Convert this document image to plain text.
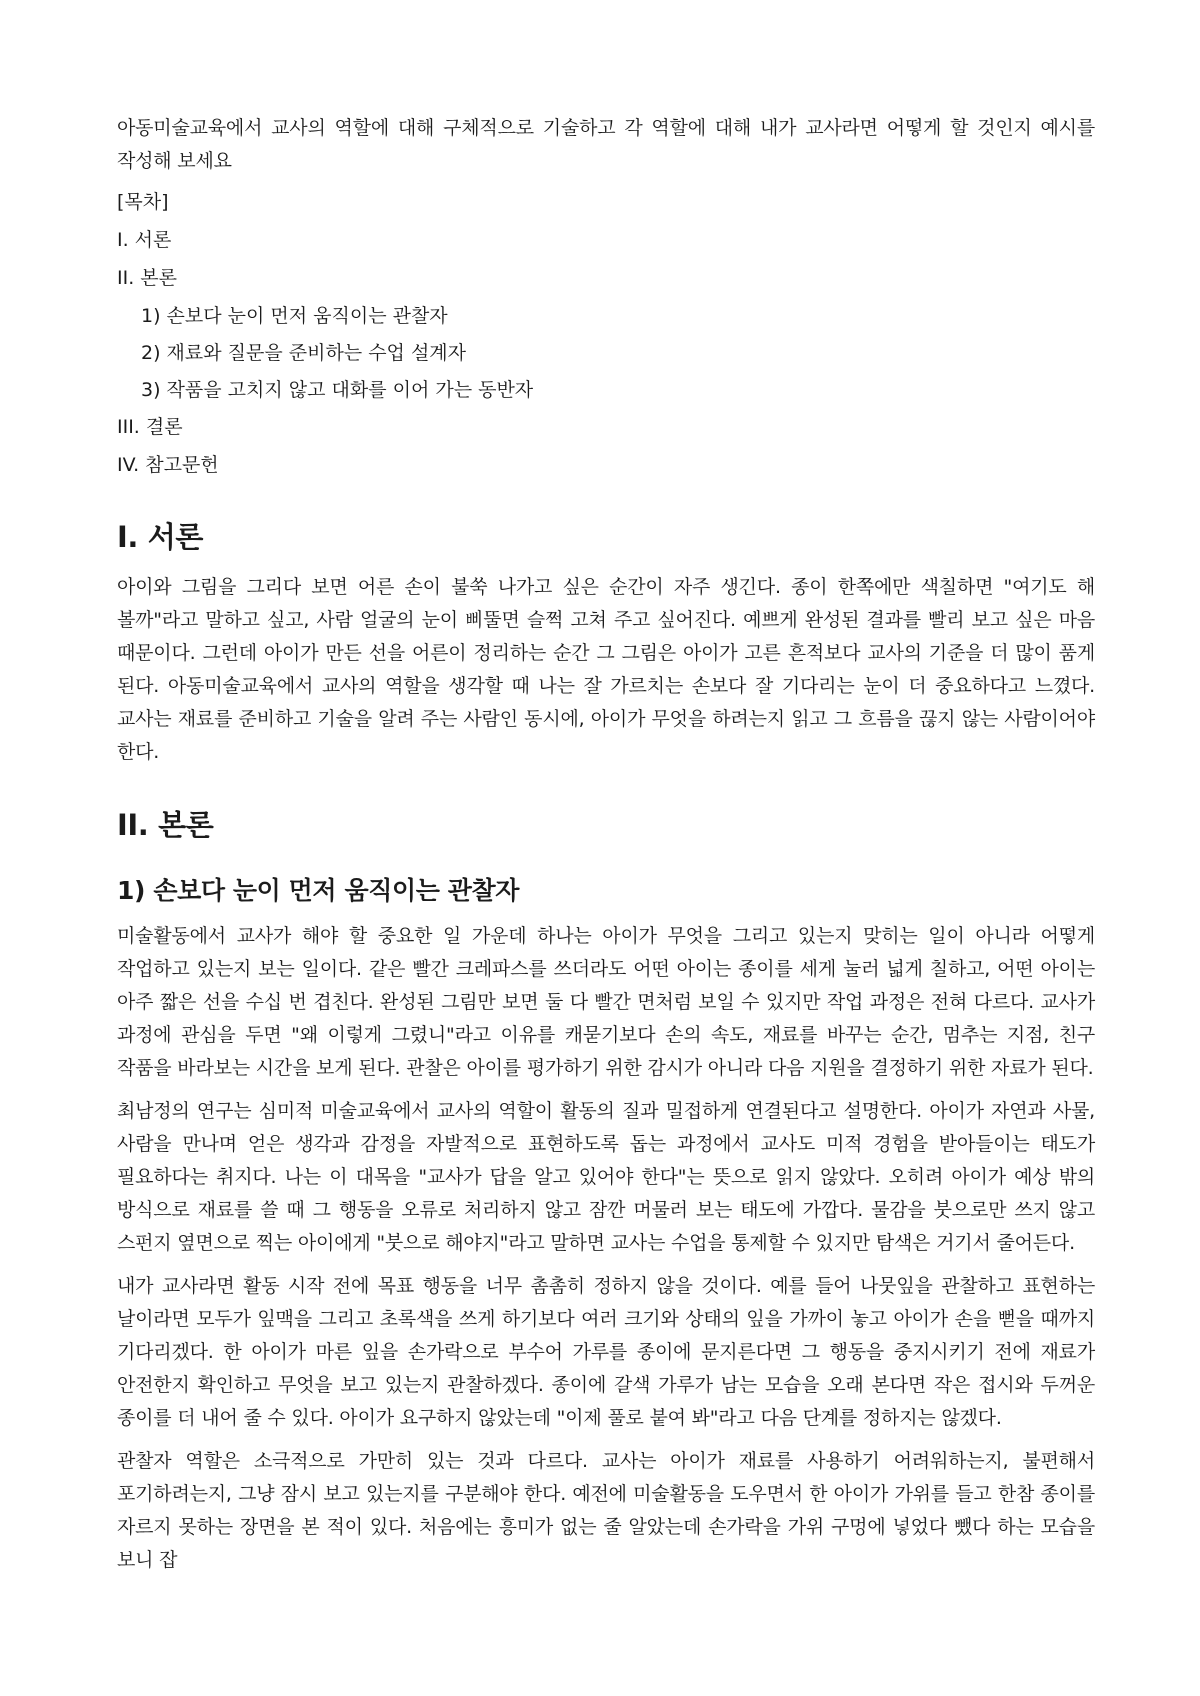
아동미술교육에서 교사의 역할에 대해 구체적으로 기술하고 각 역할에 대해 내가 교사라면 어떻게 할 것인지 예시를 작성해 보세요

[목차]
I. 서론
II. 본론
1) 손보다 눈이 먼저 움직이는 관찰자
2) 재료와 질문을 준비하는 수업 설계자
3) 작품을 고치지 않고 대화를 이어 가는 동반자
III. 결론
IV. 참고문헌
I. 서론

아이와 그림을 그리다 보면 어른 손이 불쑥 나가고 싶은 순간이 자주 생긴다. 종이 한쪽에만 색칠하면 "여기도 해 볼까"라고 말하고 싶고, 사람 얼굴의 눈이 삐뚤면 슬쩍 고쳐 주고 싶어진다. 예쁘게 완성된 결과를 빨리 보고 싶은 마음 때문이다. 그런데 아이가 만든 선을 어른이 정리하는 순간 그 그림은 아이가 고른 흔적보다 교사의 기준을 더 많이 품게 된다. 아동미술교육에서 교사의 역할을 생각할 때 나는 잘 가르치는 손보다 잘 기다리는 눈이 더 중요하다고 느꼈다. 교사는 재료를 준비하고 기술을 알려 주는 사람인 동시에, 아이가 무엇을 하려는지 읽고 그 흐름을 끊지 않는 사람이어야 한다.

II. 본론
1) 손보다 눈이 먼저 움직이는 관찰자

미술활동에서 교사가 해야 할 중요한 일 가운데 하나는 아이가 무엇을 그리고 있는지 맞히는 일이 아니라 어떻게 작업하고 있는지 보는 일이다. 같은 빨간 크레파스를 쓰더라도 어떤 아이는 종이를 세게 눌러 넓게 칠하고, 어떤 아이는 아주 짧은 선을 수십 번 겹친다. 완성된 그림만 보면 둘 다 빨간 면처럼 보일 수 있지만 작업 과정은 전혀 다르다. 교사가 과정에 관심을 두면 "왜 이렇게 그렸니"라고 이유를 캐묻기보다 손의 속도, 재료를 바꾸는 순간, 멈추는 지점, 친구 작품을 바라보는 시간을 보게 된다. 관찰은 아이를 평가하기 위한 감시가 아니라 다음 지원을 결정하기 위한 자료가 된다.

최남정의 연구는 심미적 미술교육에서 교사의 역할이 활동의 질과 밀접하게 연결된다고 설명한다. 아이가 자연과 사물, 사람을 만나며 얻은 생각과 감정을 자발적으로 표현하도록 돕는 과정에서 교사도 미적 경험을 받아들이는 태도가 필요하다는 취지다. 나는 이 대목을 "교사가 답을 알고 있어야 한다"는 뜻으로 읽지 않았다. 오히려 아이가 예상 밖의 방식으로 재료를 쓸 때 그 행동을 오류로 처리하지 않고 잠깐 머물러 보는 태도에 가깝다. 물감을 붓으로만 쓰지 않고 스펀지 옆면으로 찍는 아이에게 "붓으로 해야지"라고 말하면 교사는 수업을 통제할 수 있지만 탐색은 거기서 줄어든다.

내가 교사라면 활동 시작 전에 목표 행동을 너무 촘촘히 정하지 않을 것이다. 예를 들어 나뭇잎을 관찰하고 표현하는 날이라면 모두가 잎맥을 그리고 초록색을 쓰게 하기보다 여러 크기와 상태의 잎을 가까이 놓고 아이가 손을 뻗을 때까지 기다리겠다. 한 아이가 마른 잎을 손가락으로 부수어 가루를 종이에 문지른다면 그 행동을 중지시키기 전에 재료가 안전한지 확인하고 무엇을 보고 있는지 관찰하겠다. 종이에 갈색 가루가 남는 모습을 오래 본다면 작은 접시와 두꺼운 종이를 더 내어 줄 수 있다. 아이가 요구하지 않았는데 "이제 풀로 붙여 봐"라고 다음 단계를 정하지는 않겠다.

관찰자 역할은 소극적으로 가만히 있는 것과 다르다. 교사는 아이가 재료를 사용하기 어려워하는지, 불편해서 포기하려는지, 그냥 잠시 보고 있는지를 구분해야 한다. 예전에 미술활동을 도우면서 한 아이가 가위를 들고 한참 종이를 자르지 못하는 장면을 본 적이 있다. 처음에는 흥미가 없는 줄 알았는데 손가락을 가위 구멍에 넣었다 뺐다 하는 모습을 보니 잡
